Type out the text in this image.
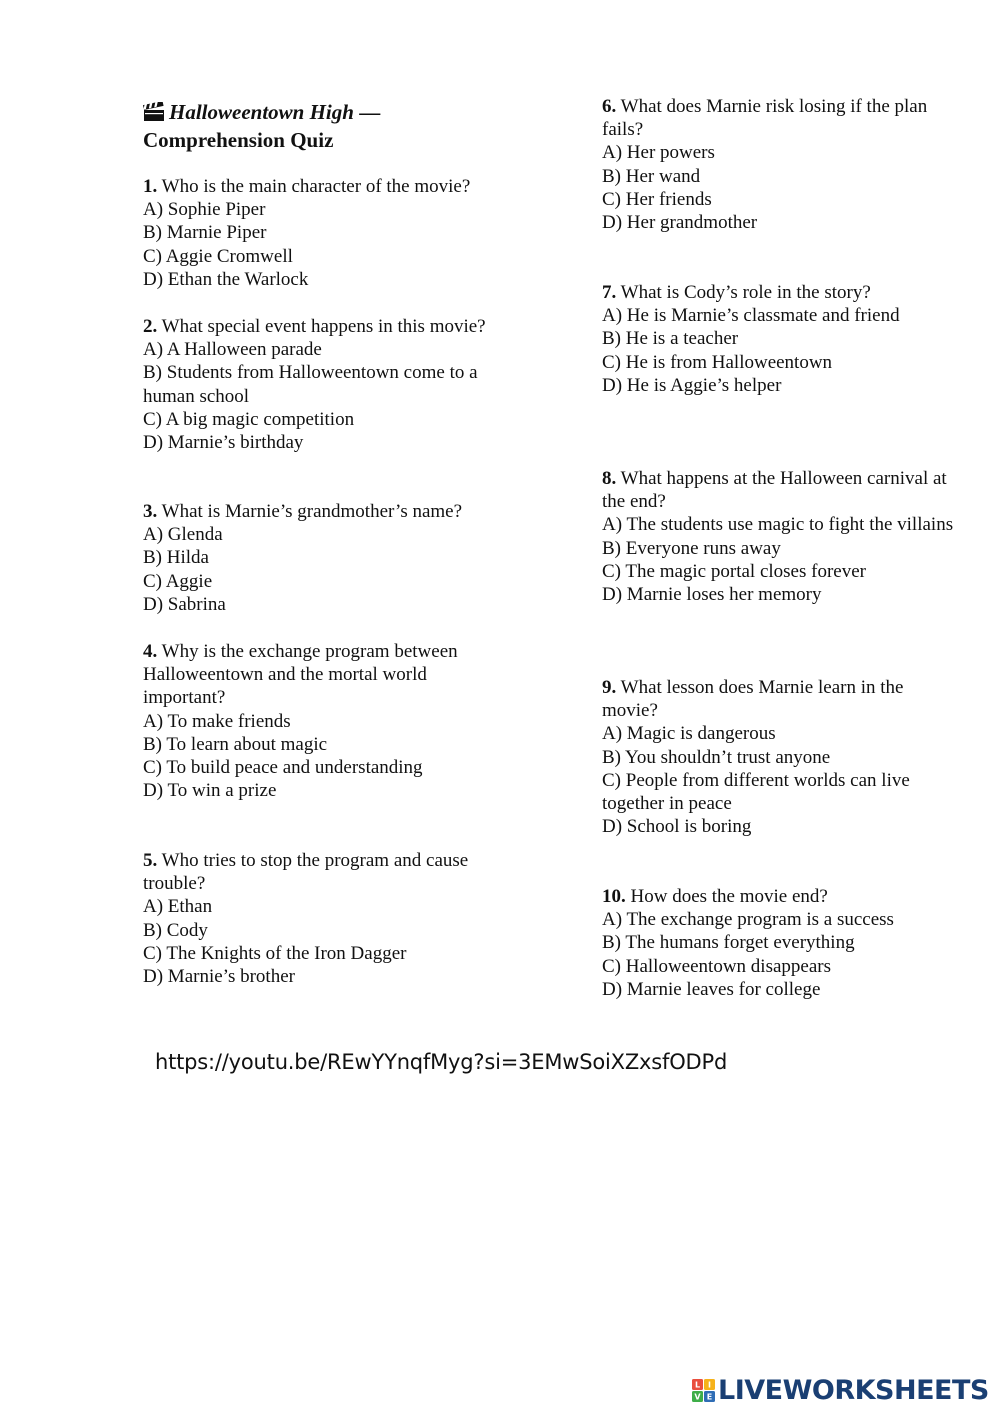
Halloweentown High —
Comprehension Quiz
1. Who is the main character of the movie?
A) Sophie Piper
B) Marnie Piper
C) Aggie Cromwell
D) Ethan the Warlock
2. What special event happens in this movie?
A) A Halloween parade
B) Students from Halloweentown come to a human school
C) A big magic competition
D) Marnie’s birthday
3. What is Marnie’s grandmother’s name?
A) Glenda
B) Hilda
C) Aggie
D) Sabrina
4. Why is the exchange program between Halloweentown and the mortal world important?
A) To make friends
B) To learn about magic
C) To build peace and understanding
D) To win a prize
5. Who tries to stop the program and cause trouble?
A) Ethan
B) Cody
C) The Knights of the Iron Dagger
D) Marnie’s brother
6. What does Marnie risk losing if the plan fails?
A) Her powers
B) Her wand
C) Her friends
D) Her grandmother
7. What is Cody’s role in the story?
A) He is Marnie’s classmate and friend
B) He is a teacher
C) He is from Halloweentown
D) He is Aggie’s helper
8. What happens at the Halloween carnival at the end?
A) The students use magic to fight the villains
B) Everyone runs away
C) The magic portal closes forever
D) Marnie loses her memory
9. What lesson does Marnie learn in the movie?
A) Magic is dangerous
B) You shouldn’t trust anyone
C) People from different worlds can live together in peace
D) School is boring
10. How does the movie end?
A) The exchange program is a success
B) The humans forget everything
C) Halloweentown disappears
D) Marnie leaves for college
https://youtu.be/REwYYnqfMyg?si=3EMwSoiXZxsfODPd
L I
V E LIVEWORKSHEETS
